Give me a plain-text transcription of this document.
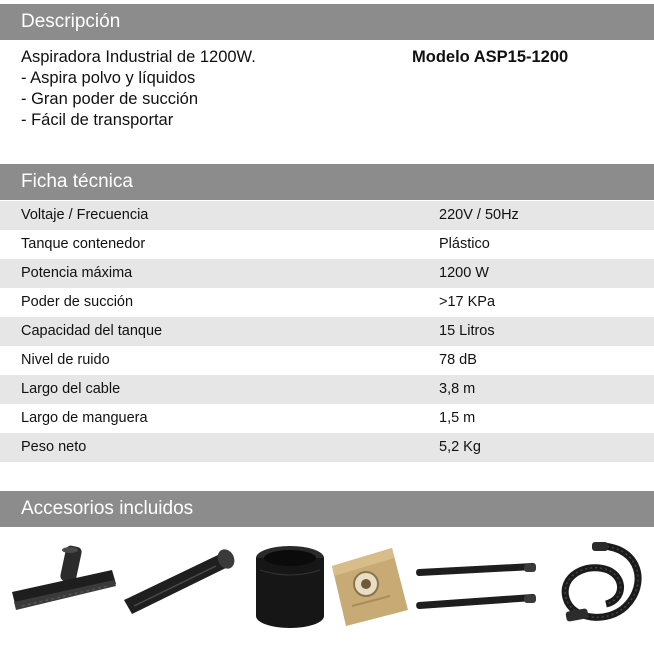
Descripción
Aspiradora Industrial de 1200W.
- Aspira polvo y líquidos
- Gran poder de succión
- Fácil de transportar
Modelo ASP15-1200
Ficha técnica
Voltaje / Frecuencia	220V / 50Hz
Tanque contenedor	Plástico
Potencia máxima	1200 W
Poder de succión	>17 KPa
Capacidad del tanque	15 Litros
Nivel de ruido	78 dB
Largo del cable	3,8 m
Largo de manguera	1,5 m
Peso neto	5,2 Kg
Accesorios incluidos
